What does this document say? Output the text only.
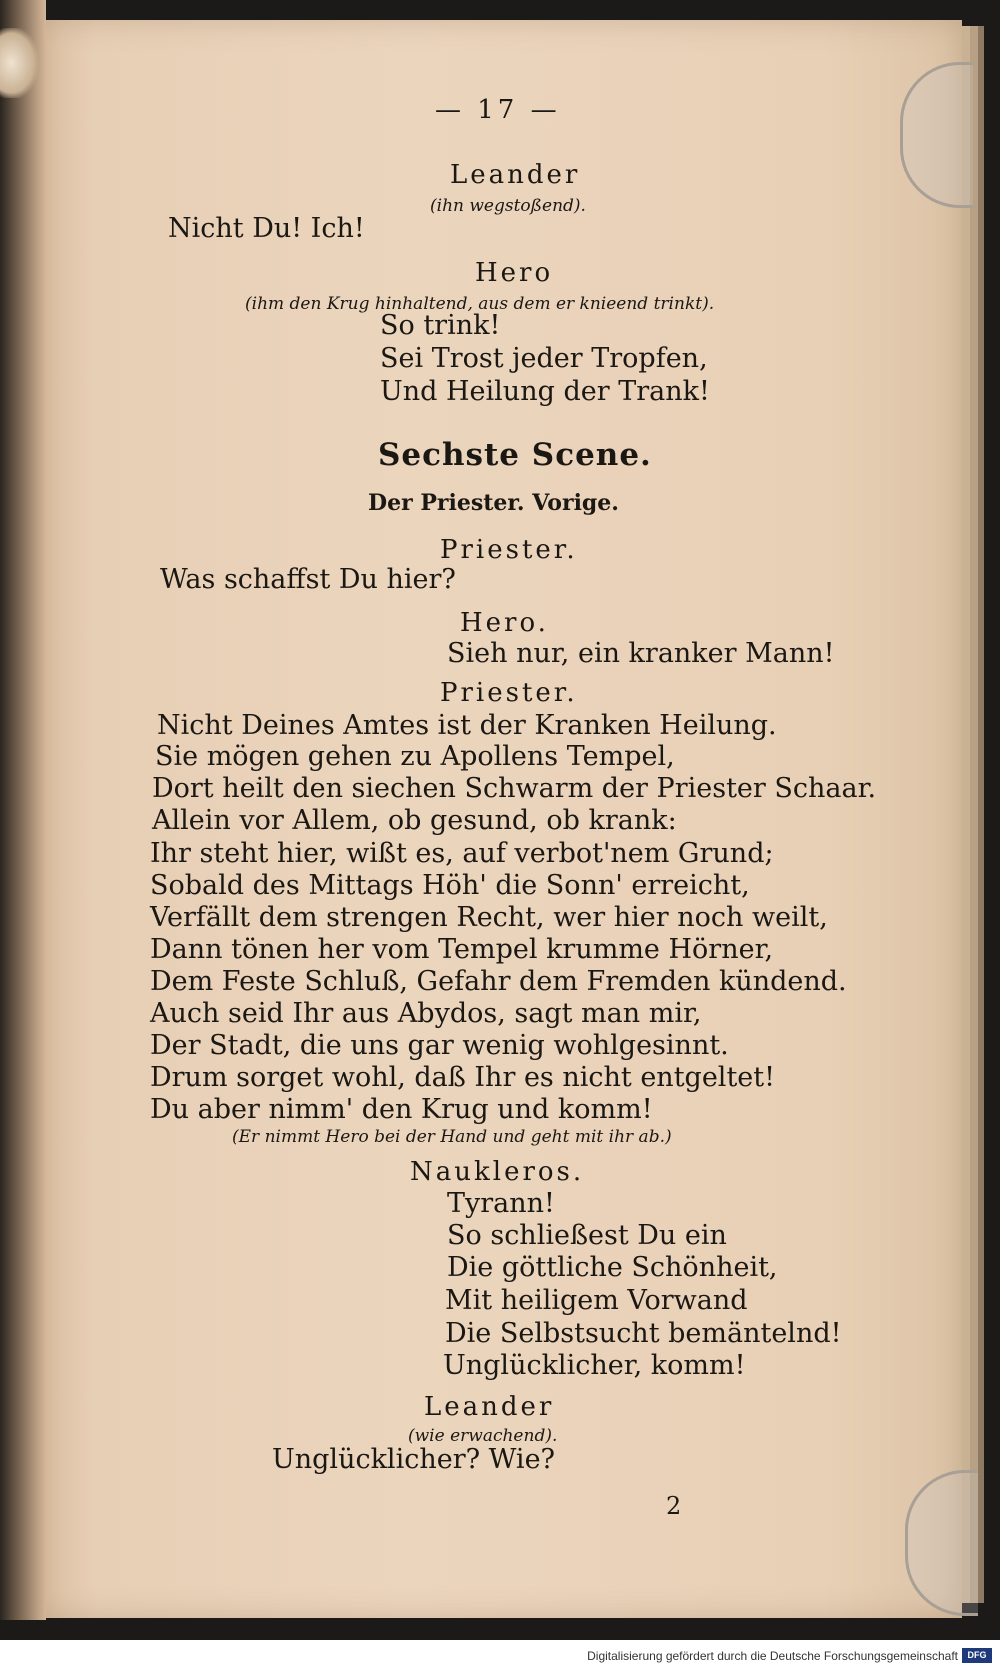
— 17 —
Leander
(ihn wegstoßend).
Nicht Du! Ich!
Hero
(ihm den Krug hinhaltend, aus dem er knieend trinkt).
So trink!
Sei Trost jeder Tropfen,
Und Heilung der Trank!
Sechste Scene.
Der Priester. Vorige.
Priester.
Was schaffst Du hier?
Hero.
Sieh nur, ein kranker Mann!
Priester.
Nicht Deines Amtes ist der Kranken Heilung.
Sie mögen gehen zu Apollens Tempel,
Dort heilt den siechen Schwarm der Priester Schaar.
Allein vor Allem, ob gesund, ob krank:
Ihr steht hier, wißt es, auf verbot'nem Grund;
Sobald des Mittags Höh' die Sonn' erreicht,
Verfällt dem strengen Recht, wer hier noch weilt,
Dann tönen her vom Tempel krumme Hörner,
Dem Feste Schluß, Gefahr dem Fremden kündend.
Auch seid Ihr aus Abydos, sagt man mir,
Der Stadt, die uns gar wenig wohlgesinnt.
Drum sorget wohl, daß Ihr es nicht entgeltet!
Du aber nimm' den Krug und komm!
(Er nimmt Hero bei der Hand und geht mit ihr ab.)
Naukleros.
Tyrann!
So schließest Du ein
Die göttliche Schönheit,
Mit heiligem Vorwand
Die Selbstsucht bemäntelnd!
Unglücklicher, komm!
Leander
(wie erwachend).
Unglücklicher? Wie?
2
Digitalisierung gefördert durch die Deutsche Forschungsgemeinschaft	DFG
